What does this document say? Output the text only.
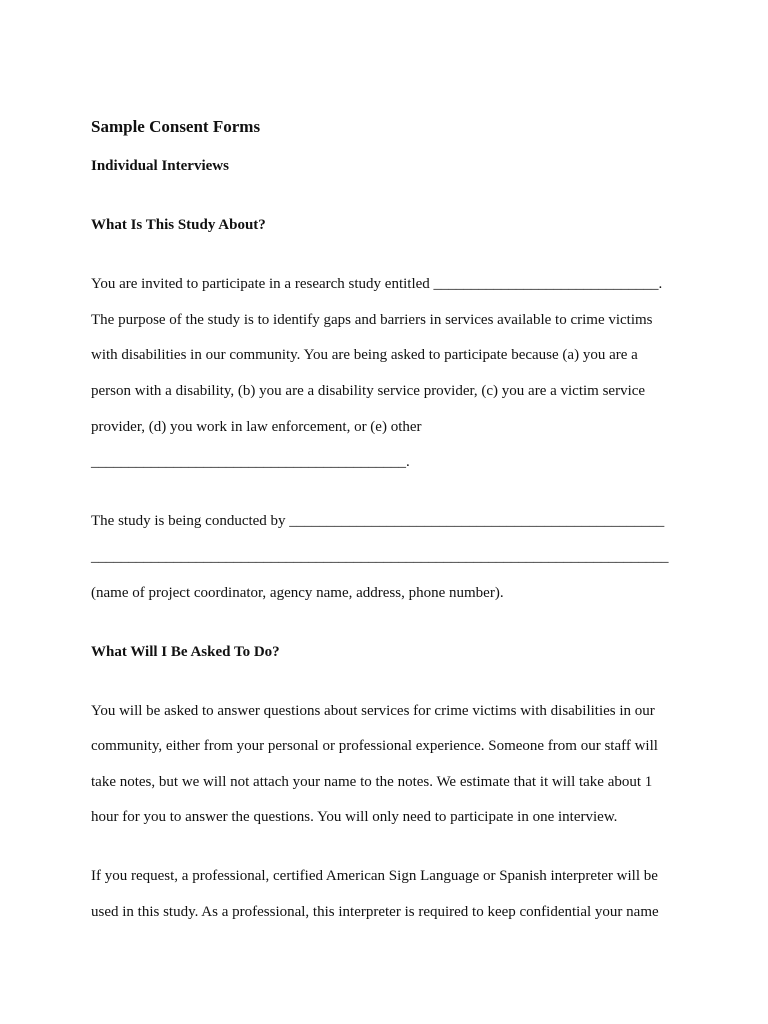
Sample Consent Forms
Individual Interviews
What Is This Study About?
You are invited to participate in a research study entitled ______________________________.
The purpose of the study is to identify gaps and barriers in services available to crime victims
with disabilities in our community. You are being asked to participate because (a) you are a
person with a disability, (b) you are a disability service provider, (c) you are a victim service
provider, (d) you work in law enforcement, or (e) other
__________________________________________.
The study is being conducted by __________________________________________________
_____________________________________________________________________________
(name of project coordinator, agency name, address, phone number).
What Will I Be Asked To Do?
You will be asked to answer questions about services for crime victims with disabilities in our
community, either from your personal or professional experience. Someone from our staff will
take notes, but we will not attach your name to the notes. We estimate that it will take about 1
hour for you to answer the questions. You will only need to participate in one interview.
If you request, a professional, certified American Sign Language or Spanish interpreter will be
used in this study. As a professional, this interpreter is required to keep confidential your name
